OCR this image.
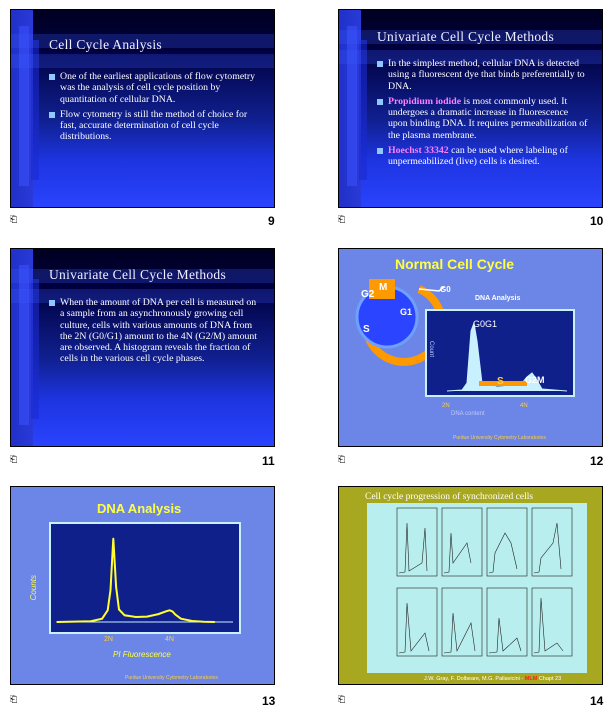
Cell Cycle Analysis
One of the earliest applications of flow cytometry was the analysis of cell cycle position by quantitation of cellular DNA.
Flow cytometry is still the method of choice for fast, accurate determination of cell cycle distributions.
⎗	9
Univariate Cell Cycle Methods
In the simplest method, cellular DNA is detected using a fluorescent dye that binds preferentially to DNA.
Propidium iodide is most commonly used. It undergoes a dramatic increase in fluorescence upon binding DNA. It requires permeabilization of the plasma membrane.
Hoechst 33342 can be used where labeling of unpermeabilized (live) cells is desired.
⎗	10
Univariate Cell Cycle Methods
When the amount of DNA per cell is measured on a sample from an asynchronously growing cell culture, cells with various amounts of DNA from the 2N (G0/G1) amount to the 4N (G2/M) amount are observed. A histogram reveals the fraction of cells in the various cell cycle phases.
⎗	11
Normal Cell Cycle
G2
M
G1
S
G0
DNA Analysis
G0G1
S G2M
Count
2N	4N
DNA content
Purdue University Cytometry Laboratories
⎗	12
DNA Analysis
Counts
2N	4N
PI Fluorescence
Purdue University Cytometry Laboratories
⎗	13
Cell cycle progression of synchronized cells
J.W. Gray, F. Dolbeare, M.G. Pallavicini - MLM Chapt 23
⎗	14
